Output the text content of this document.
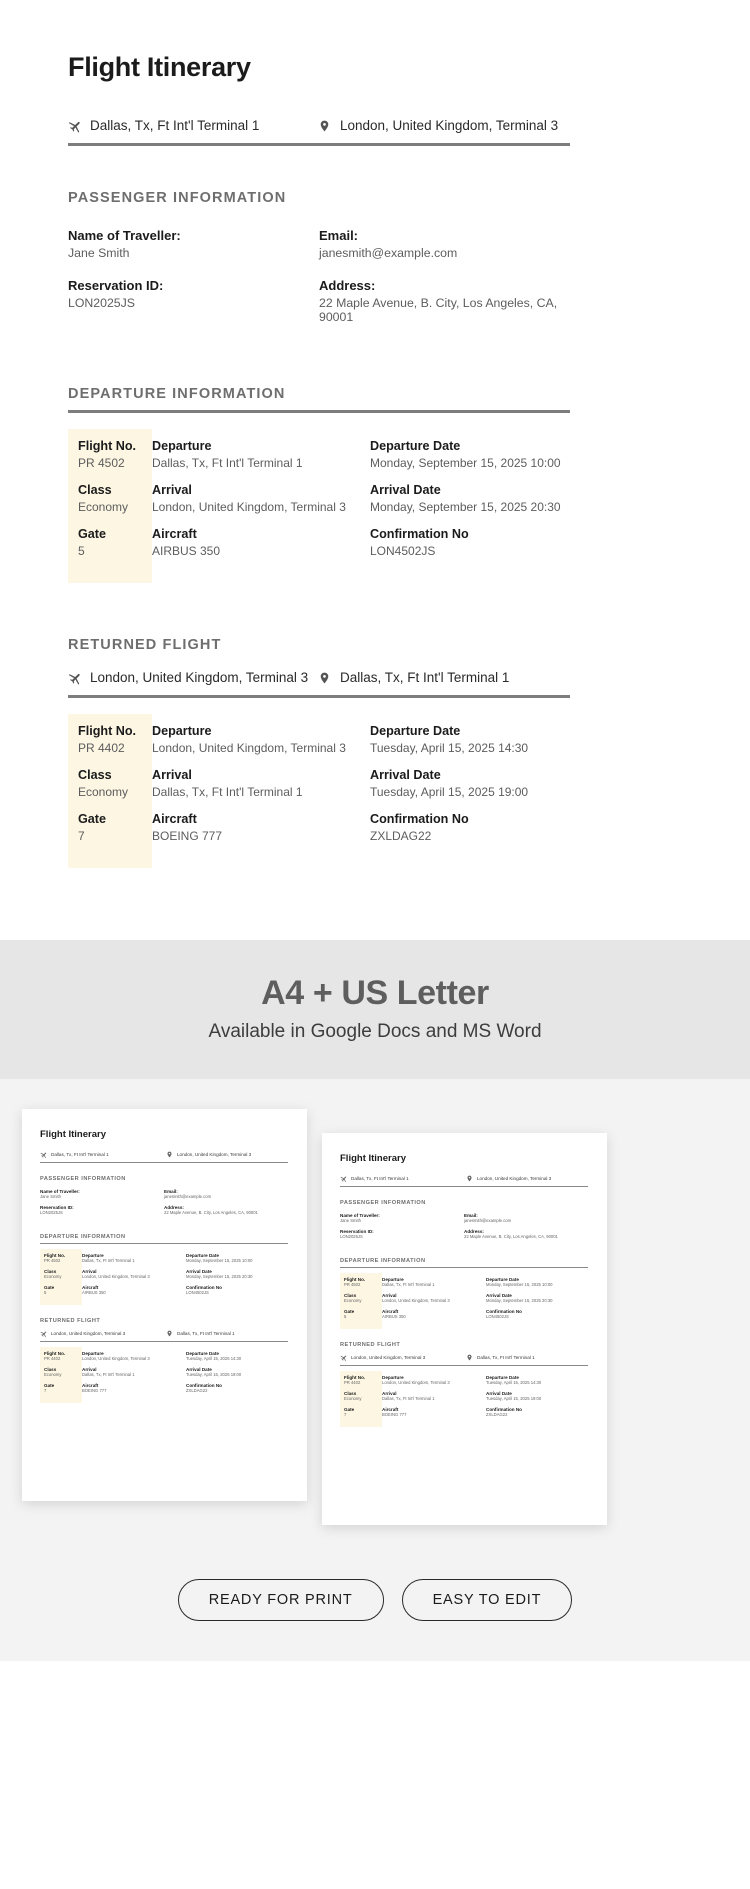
Flight Itinerary
Dallas, Tx, Ft Int'l Terminal 1	London, United Kingdom, Terminal 3
PASSENGER INFORMATION
Name of Traveller:
Jane Smith
Reservation ID:
LON2025JS
Email:
janesmith@example.com
Address:
22 Maple Avenue, B. City, Los Angeles, CA, 90001
DEPARTURE INFORMATION
Flight No.
PR 4502
Class
Economy
Gate
5
Departure
Dallas, Tx, Ft Int'l Terminal 1
Arrival
London, United Kingdom, Terminal 3
Aircraft
AIRBUS 350
Departure Date
Monday, September 15, 2025 10:00
Arrival Date
Monday, September 15, 2025 20:30
Confirmation No
LON4502JS
RETURNED FLIGHT
London, United Kingdom, Terminal 3 Dallas, Tx, Ft Int'l Terminal 1
Flight No.
PR 4402
Class
Economy
Gate
7
Departure
London, United Kingdom, Terminal 3
Arrival
Dallas, Tx, Ft Int'l Terminal 1
Aircraft
BOEING 777
Departure Date
Tuesday, April 15, 2025 14:30
Arrival Date
Tuesday, April 15, 2025 19:00
Confirmation No
ZXLDAG22
A4 + US Letter

Available in Google Docs and MS Word

Flight Itinerary
Dallas, Tx, Ft Int'l Terminal 1	London, United Kingdom, Terminal 3
PASSENGER INFORMATION
Name of Traveller:
Jane Smith
Reservation ID:
LON2025JS
Email:
janesmith@example.com
Address:
22 Maple Avenue, B. City, Los Angeles, CA, 90001
DEPARTURE INFORMATION
Flight No.
PR 4502
Class
Economy
Gate
5
Departure
Dallas, Tx, Ft Int'l Terminal 1
Arrival
London, United Kingdom, Terminal 3
Aircraft
AIRBUS 350
Departure Date
Monday, September 15, 2025 10:00
Arrival Date
Monday, September 15, 2025 20:30
Confirmation No
LON4502JS
RETURNED FLIGHT
London, United Kingdom, Terminal 3	Dallas, Tx, Ft Int'l Terminal 1
Flight No.
PR 4402
Class
Economy
Gate
7
Departure
London, United Kingdom, Terminal 3
Arrival
Dallas, Tx, Ft Int'l Terminal 1
Aircraft
BOEING 777
Departure Date
Tuesday, April 15, 2025 14:30
Arrival Date
Tuesday, April 15, 2025 19:00
Confirmation No
ZXLDAG22
Flight Itinerary
Dallas, Tx, Ft Int'l Terminal 1	London, United Kingdom, Terminal 3
PASSENGER INFORMATION
Name of Traveller:
Jane Smith
Reservation ID:
LON2025JS
Email:
janesmith@example.com
Address:
22 Maple Avenue, B. City, Los Angeles, CA, 90001
DEPARTURE INFORMATION
Flight No.
PR 4502
Class
Economy
Gate
5
Departure
Dallas, Tx, Ft Int'l Terminal 1
Arrival
London, United Kingdom, Terminal 3
Aircraft
AIRBUS 350
Departure Date
Monday, September 15, 2025 10:00
Arrival Date
Monday, September 15, 2025 20:30
Confirmation No
LON4502JS
RETURNED FLIGHT
London, United Kingdom, Terminal 3	Dallas, Tx, Ft Int'l Terminal 1
Flight No.
PR 4402
Class
Economy
Gate
7
Departure
London, United Kingdom, Terminal 3
Arrival
Dallas, Tx, Ft Int'l Terminal 1
Aircraft
BOEING 777
Departure Date
Tuesday, April 15, 2025 14:30
Arrival Date
Tuesday, April 15, 2025 19:00
Confirmation No
ZXLDAG22
READY FOR PRINT	EASY TO EDIT
